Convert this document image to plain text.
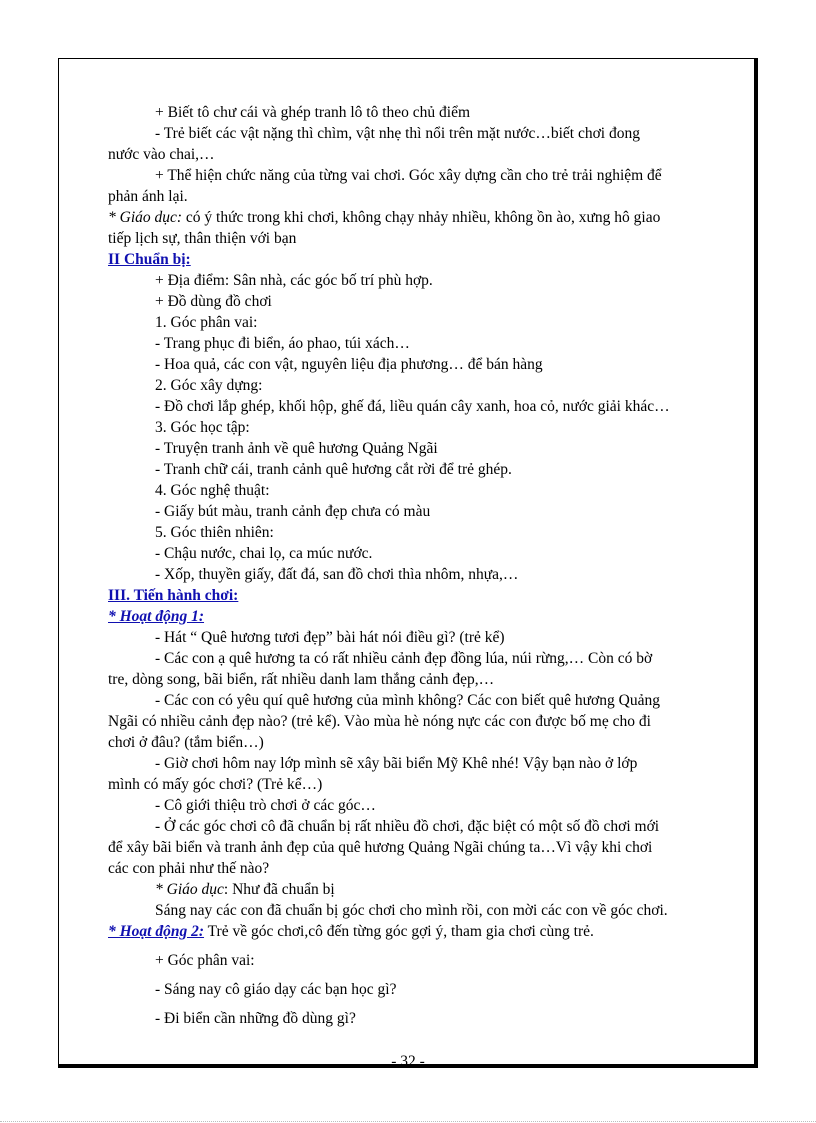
+ Biết tô chư cái và ghép tranh lô tô theo chủ điểm

- Trẻ biết các vật nặng thì chìm, vật nhẹ thì nổi trên mặt nước…biết chơi đong

nước vào chai,…

+ Thể hiện chức năng của từng vai chơi. Góc xây dựng cần cho trẻ trải nghiệm để

phản ánh lại.

* Giáo dục: có ý thức trong khi chơi, không chạy nhảy nhiều, không ồn ào, xưng hô giao

tiếp lịch sự, thân thiện với bạn

II Chuẩn bị:

+ Địa điểm: Sân nhà, các góc bố trí phù hợp.

+ Đồ dùng đồ chơi

1. Góc phân vai:

- Trang phục đi biển, áo phao, túi xách…

- Hoa quả, các con vật, nguyên liệu địa phương… để bán hàng

2. Góc xây dựng:

- Đồ chơi lắp ghép, khối hộp, ghế đá, liều quán cây xanh, hoa cỏ, nước giải khác…

3. Góc học tập:

- Truyện tranh ảnh về quê hương Quảng Ngãi

- Tranh chữ cái, tranh cảnh quê hương cắt rời để trẻ ghép.

4. Góc nghệ thuật:

- Giấy bút màu, tranh cảnh đẹp chưa có màu

5. Góc thiên nhiên:

- Chậu nước, chai lọ, ca múc nước.

- Xốp, thuyền giấy, đất đá, san đồ chơi thìa nhôm, nhựa,…

III. Tiến hành chơi:

* Hoạt động 1:

- Hát “ Quê hương tươi đẹp” bài hát nói điều gì? (trẻ kể)

- Các con ạ quê hương ta có rất nhiều cảnh đẹp đồng lúa, núi rừng,… Còn có bờ

tre, dòng song, bãi biển, rất nhiều danh lam thắng cảnh đẹp,…

- Các con có yêu quí quê hương của mình không? Các con biết quê hương Quảng

Ngãi có nhiều cảnh đẹp nào? (trẻ kể). Vào mùa hè nóng nực các con được bố mẹ cho đi

chơi ở đâu? (tắm biển…)

- Giờ chơi hôm nay lớp mình sẽ xây bãi biển Mỹ Khê nhé! Vậy bạn nào ở lớp

mình có mấy góc chơi? (Trẻ kể…)

- Cô giới thiệu trò chơi ở các góc…

- Ở các góc chơi cô đã chuẩn bị rất nhiều đồ chơi, đặc biệt có một số đồ chơi mới

để xây bãi biển và tranh ảnh đẹp của quê hương Quảng Ngãi chúng ta…Vì vậy khi chơi

các con phải như thế nào?

* Giáo dục: Như đã chuẩn bị

Sáng nay các con đã chuẩn bị góc chơi cho mình rồi, con mời các con về góc chơi.

* Hoạt động 2: Trẻ về góc chơi,cô đến từng góc gợi ý, tham gia chơi cùng trẻ.

+ Góc phân vai:

- Sáng nay cô giáo dạy các bạn học gì?

- Đi biển cần những đồ dùng gì?

- 32 -
